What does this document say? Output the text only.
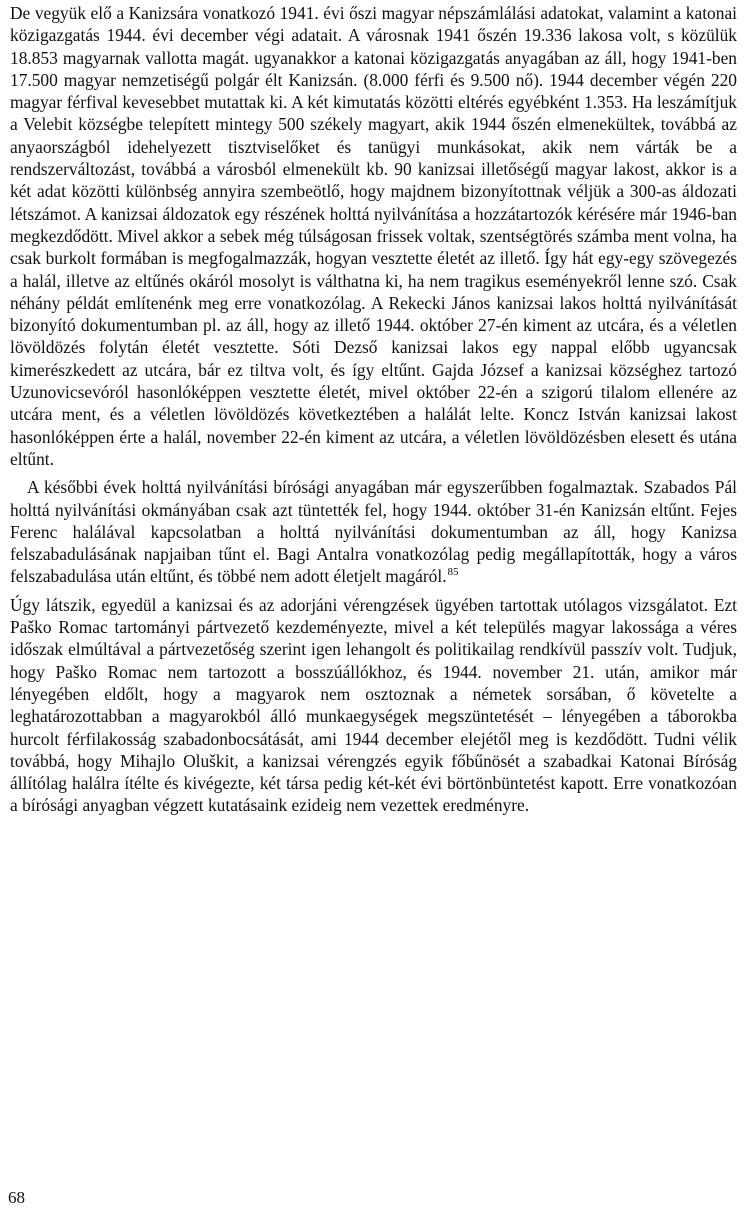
De vegyük elő a Kanizsára vonatkozó 1941. évi őszi magyar népszámlálási adatokat, valamint a katonai közigazgatás 1944. évi december végi adatait. A városnak 1941 őszén 19.336 lakosa volt, s közülük 18.853 magyarnak vallotta magát. ugyanakkor a katonai közigazgatás anyagában az áll, hogy 1941-ben 17.500 magyar nemzetiségű polgár élt Kanizsán. (8.000 férfi és 9.500 nő). 1944 december végén 220 magyar férfival kevesebbet mutattak ki. A két kimutatás közötti eltérés egyébként 1.353. Ha leszámítjuk a Velebit községbe telepített mintegy 500 székely magyart, akik 1944 őszén elmenekültek, továbbá az anyaországból idehelyezett tisztviselőket és tanügyi munkásokat, akik nem várták be a rendszerváltozást, továbbá a városból elmenekült kb. 90 kanizsai illetőségű magyar lakost, akkor is a két adat közötti különbség annyira szembeötlő, hogy majdnem bizonyítottnak véljük a 300-as áldozati létszámot. A kanizsai áldozatok egy részének holttá nyilvánítása a hozzátartozók kérésére már 1946-ban megkezdődött. Mivel akkor a sebek még túlságosan frissek voltak, szentségtörés számba ment volna, ha csak burkolt formában is megfogalmazzák, hogyan vesztette életét az illető. Így hát egy-egy szövegezés a halál, illetve az eltűnés okáról mosolyt is válthatna ki, ha nem tragikus eseményekről lenne szó. Csak néhány példát említenénk meg erre vonatkozólag. A Rekecki János kanizsai lakos holttá nyilvánítását bizonyító dokumentumban pl. az áll, hogy az illető 1944. október 27-én kiment az utcára, és a véletlen lövöldözés folytán életét vesztette. Sóti Dezső kanizsai lakos egy nappal előbb ugyancsak kimerészkedett az utcára, bár ez tiltva volt, és így eltűnt. Gajda József a kanizsai községhez tartozó Uzunovicsevóról hasonlóképpen vesztette életét, mivel október 22-én a szigorú tilalom ellenére az utcára ment, és a véletlen lövöldözés következtében a halálát lelte. Koncz István kanizsai lakost hasonlóképpen érte a halál, november 22-én kiment az utcára, a véletlen lövöldözésben elesett és utána eltűnt.

A későbbi évek holttá nyilvánítási bírósági anyagában már egyszerűbben fogalmaztak. Szabados Pál holttá nyilvánítási okmányában csak azt tüntették fel, hogy 1944. október 31-én Kanizsán eltűnt. Fejes Ferenc halálával kapcsolatban a holttá nyilvánítási dokumentumban az áll, hogy Kanizsa felszabadulásának napjaiban tűnt el. Bagi Antalra vonatkozólag pedig megállapították, hogy a város felszabadulása után eltűnt, és többé nem adott életjelt magáról.$^{85}$

Úgy látszik, egyedül a kanizsai és az adorjáni vérengzések ügyében tartottak utólagos vizsgálatot. Ezt Paško Romac tartományi pártvezető kezdeményezte, mivel a két település magyar lakossága a véres időszak elmúltával a pártvezetőség szerint igen lehangolt és politikailag rendkívül passzív volt. Tudjuk, hogy Paško Romac nem tartozott a bosszúállókhoz, és 1944. november 21. után, amikor már lényegében eldőlt, hogy a magyarok nem osztoznak a németek sorsában, ő követelte a leghatározottabban a magyarokból álló munkaegységek megszüntetését – lényegében a táborokba hurcolt férfilakosság szabadonbocsátását, ami 1944 december elejétől meg is kezdődött. Tudni vélik továbbá, hogy Mihajlo Oluškit, a kanizsai vérengzés egyik főbűnösét a szabadkai Katonai Bíróság állítólag halálra ítélte és kivégezte, két társa pedig két-két évi börtönbüntetést kapott. Erre vonatkozóan a bírósági anyagban végzett kutatásaink ezideig nem vezettek eredményre.

68
